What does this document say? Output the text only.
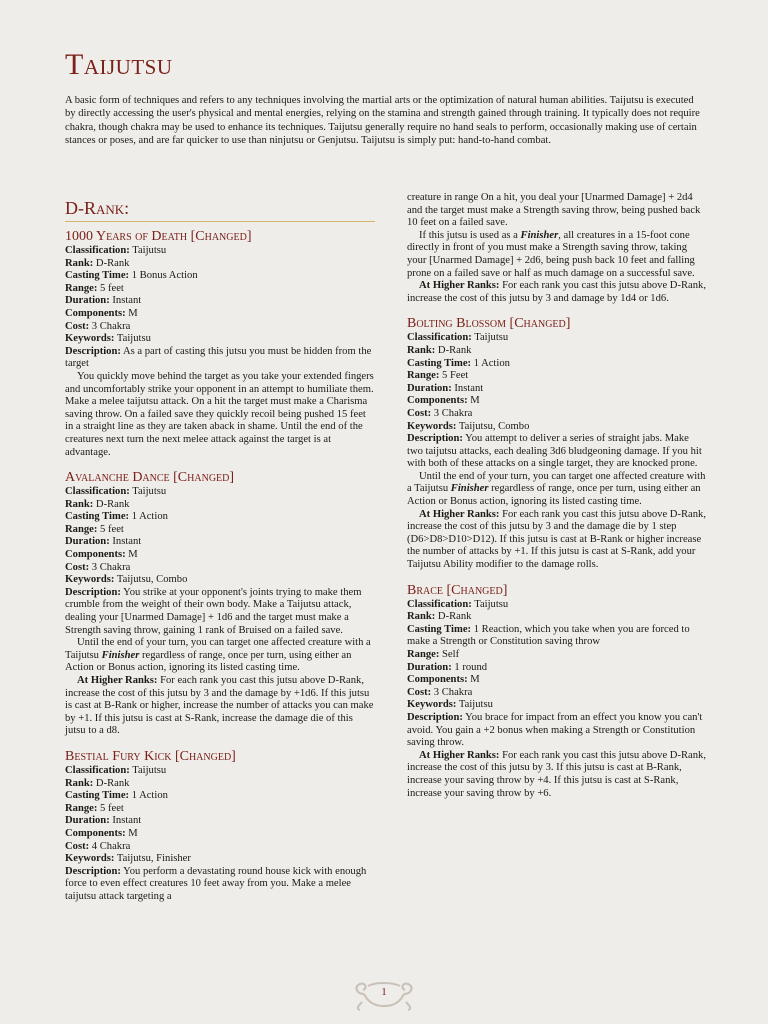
Taijutsu

A basic form of techniques and refers to any techniques involving the martial arts or the optimization of natural human abilities. Taijutsu is executed by directly accessing the user's physical and mental energies, relying on the stamina and strength gained through training. It typically does not require chakra, though chakra may be used to enhance its techniques. Taijutsu generally require no hand seals to perform, occasionally making use of certain stances or poses, and are far quicker to use than ninjutsu or Genjutsu. Taijutsu is simply put: hand-to-hand combat.

D-Rank:
1000 Years of Death [Changed]

Classification: Taijutsu

Rank: D-Rank

Casting Time: 1 Bonus Action

Range: 5 feet

Duration: Instant

Components: M

Cost: 3 Chakra

Keywords: Taijutsu

Description: As a part of casting this jutsu you must be hidden from the target

You quickly move behind the target as you take your extended fingers and uncomfortably strike your opponent in an attempt to humiliate them. Make a melee taijutsu attack. On a hit the target must make a Charisma saving throw. On a failed save they quickly recoil being pushed 15 feet in a straight line as they are taken aback in shame. Until the end of the creatures next turn the next melee attack against the target is at advantage.

Avalanche Dance [Changed]

Classification: Taijutsu

Rank: D-Rank

Casting Time: 1 Action

Range: 5 feet

Duration: Instant

Components: M

Cost: 3 Chakra

Keywords: Taijutsu, Combo

Description: You strike at your opponent's joints trying to make them crumble from the weight of their own body. Make a Taijutsu attack, dealing your [Unarmed Damage] + 1d6 and the target must make a Strength saving throw, gaining 1 rank of Bruised on a failed save.

Until the end of your turn, you can target one affected creature with a Taijutsu Finisher regardless of range, once per turn, using either an Action or Bonus action, ignoring its listed casting time.

At Higher Ranks: For each rank you cast this jutsu above D-Rank, increase the cost of this jutsu by 3 and the damage by +1d6. If this jutsu is cast at B-Rank or higher, increase the number of attacks you can make by +1. If this jutsu is cast at S-Rank, increase the damage die of this jutsu to a d8.

Bestial Fury Kick [Changed]

Classification: Taijutsu

Rank: D-Rank

Casting Time: 1 Action

Range: 5 feet

Duration: Instant

Components: M

Cost: 4 Chakra

Keywords: Taijutsu, Finisher

Description: You perform a devastating round house kick with enough force to even effect creatures 10 feet away from you. Make a melee taijutsu attack targeting a

creature in range On a hit, you deal your [Unarmed Damage] + 2d4 and the target must make a Strength saving throw, being pushed back 10 feet on a failed save.

If this jutsu is used as a Finisher, all creatures in a 15-foot cone directly in front of you must make a Strength saving throw, taking your [Unarmed Damage] + 2d6, being push back 10 feet and falling prone on a failed save or half as much damage on a successful save.

At Higher Ranks: For each rank you cast this jutsu above D-Rank, increase the cost of this jutsu by 3 and damage by 1d4 or 1d6.

Bolting Blossom [Changed]

Classification: Taijutsu

Rank: D-Rank

Casting Time: 1 Action

Range: 5 Feet

Duration: Instant

Components: M

Cost: 3 Chakra

Keywords: Taijutsu, Combo

Description: You attempt to deliver a series of straight jabs. Make two taijutsu attacks, each dealing 3d6 bludgeoning damage. If you hit with both of these attacks on a single target, they are knocked prone.

Until the end of your turn, you can target one affected creature with a Taijutsu Finisher regardless of range, once per turn, using either an Action or Bonus action, ignoring its listed casting time.

At Higher Ranks: For each rank you cast this jutsu above D-Rank, increase the cost of this jutsu by 3 and the damage die by 1 step (D6>D8>D10>D12). If this jutsu is cast at B-Rank or higher increase the number of attacks by +1. If this jutsu is cast at S-Rank, add your Taijutsu Ability modifier to the damage rolls.

Brace [Changed]

Classification: Taijutsu

Rank: D-Rank

Casting Time: 1 Reaction, which you take when you are forced to make a Strength or Constitution saving throw

Range: Self

Duration: 1 round

Components: M

Cost: 3 Chakra

Keywords: Taijutsu

Description: You brace for impact from an effect you know you can't avoid. You gain a +2 bonus when making a Strength or Constitution saving throw.

At Higher Ranks: For each rank you cast this jutsu above D-Rank, increase the cost of this jutsu by 3. If this jutsu is cast at B-Rank, increase your saving throw by +4. If this jutsu is cast at S-Rank, increase your saving throw by +6.

1
